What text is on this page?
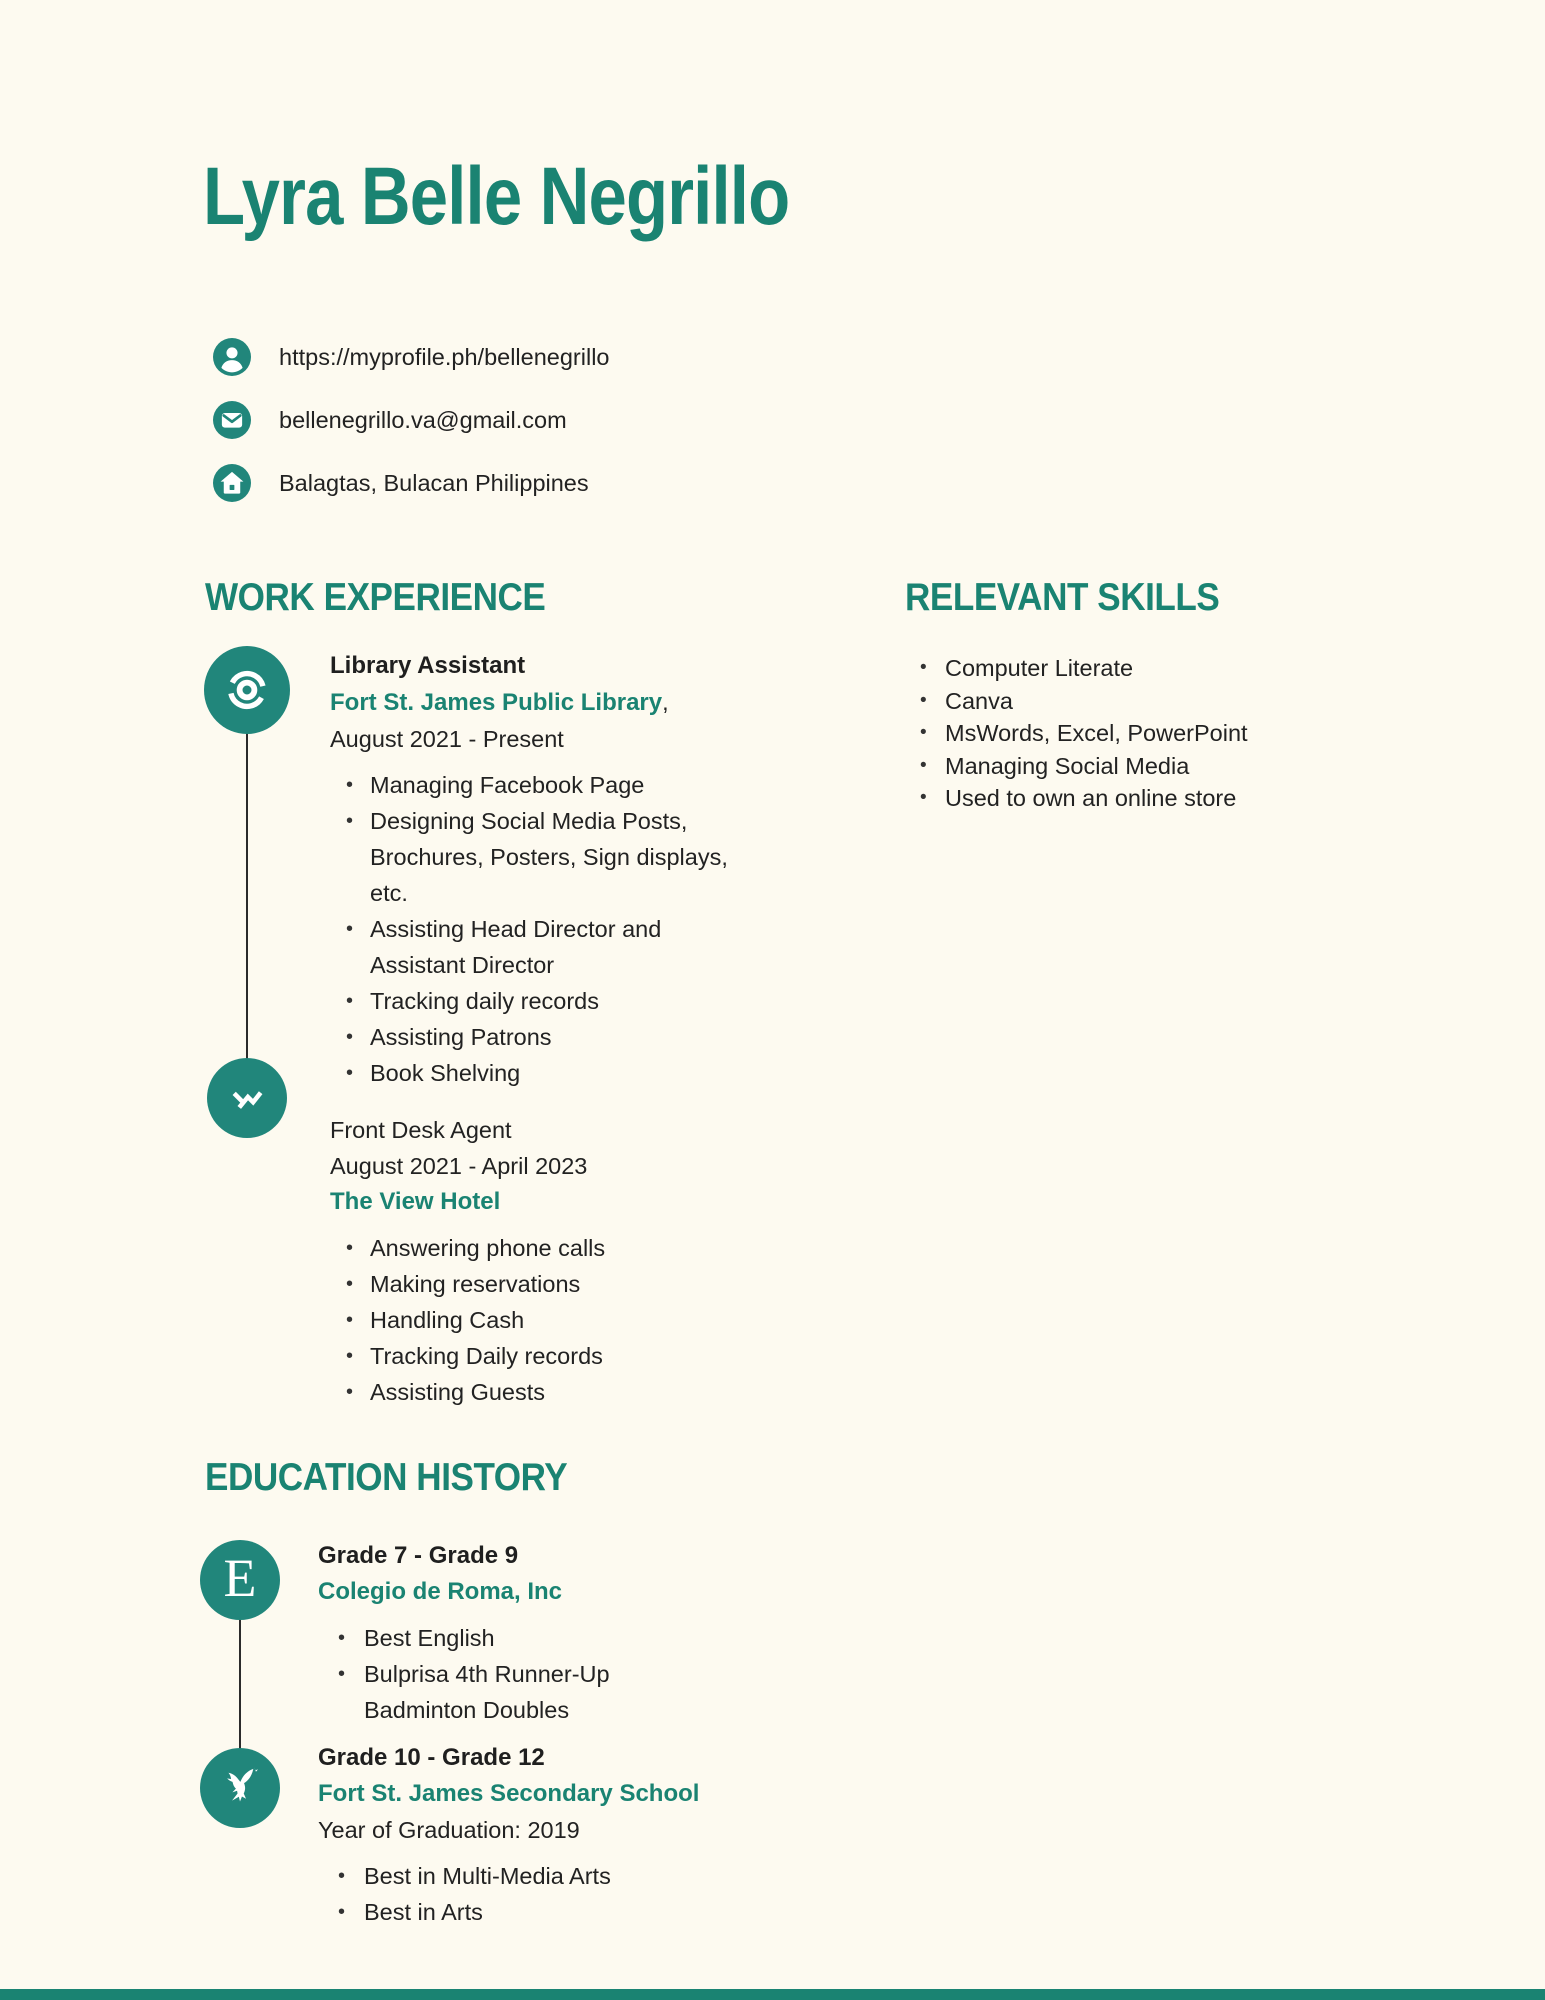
Lyra Belle Negrillo
https://myprofile.ph/bellenegrillo
bellenegrillo.va@gmail.com
Balagtas, Bulacan Philippines
WORK EXPERIENCE	RELEVANT SKILLS
EDUCATION HISTORY
• Computer Literate
• Canva
• MsWords, Excel, PowerPoint
• Managing Social Media
• Used to own an online store
Library Assistant
Fort St. James Public Library,
August 2021 - Present
• Managing Facebook Page
• Designing Social Media Posts, Brochures, Posters, Sign displays, etc.
• Assisting Head Director and Assistant Director
• Tracking daily records
• Assisting Patrons
• Book Shelving
Front Desk Agent
August 2021 - April 2023
The View Hotel
• Answering phone calls
• Making reservations
• Handling Cash
• Tracking Daily records
• Assisting Guests
E	Grade 7 - Grade 9
Colegio de Roma, Inc
• Best English
• Bulprisa 4th Runner-Up Badminton Doubles
Grade 10 - Grade 12
Fort St. James Secondary School
Year of Graduation: 2019
• Best in Multi-Media Arts
• Best in Arts
